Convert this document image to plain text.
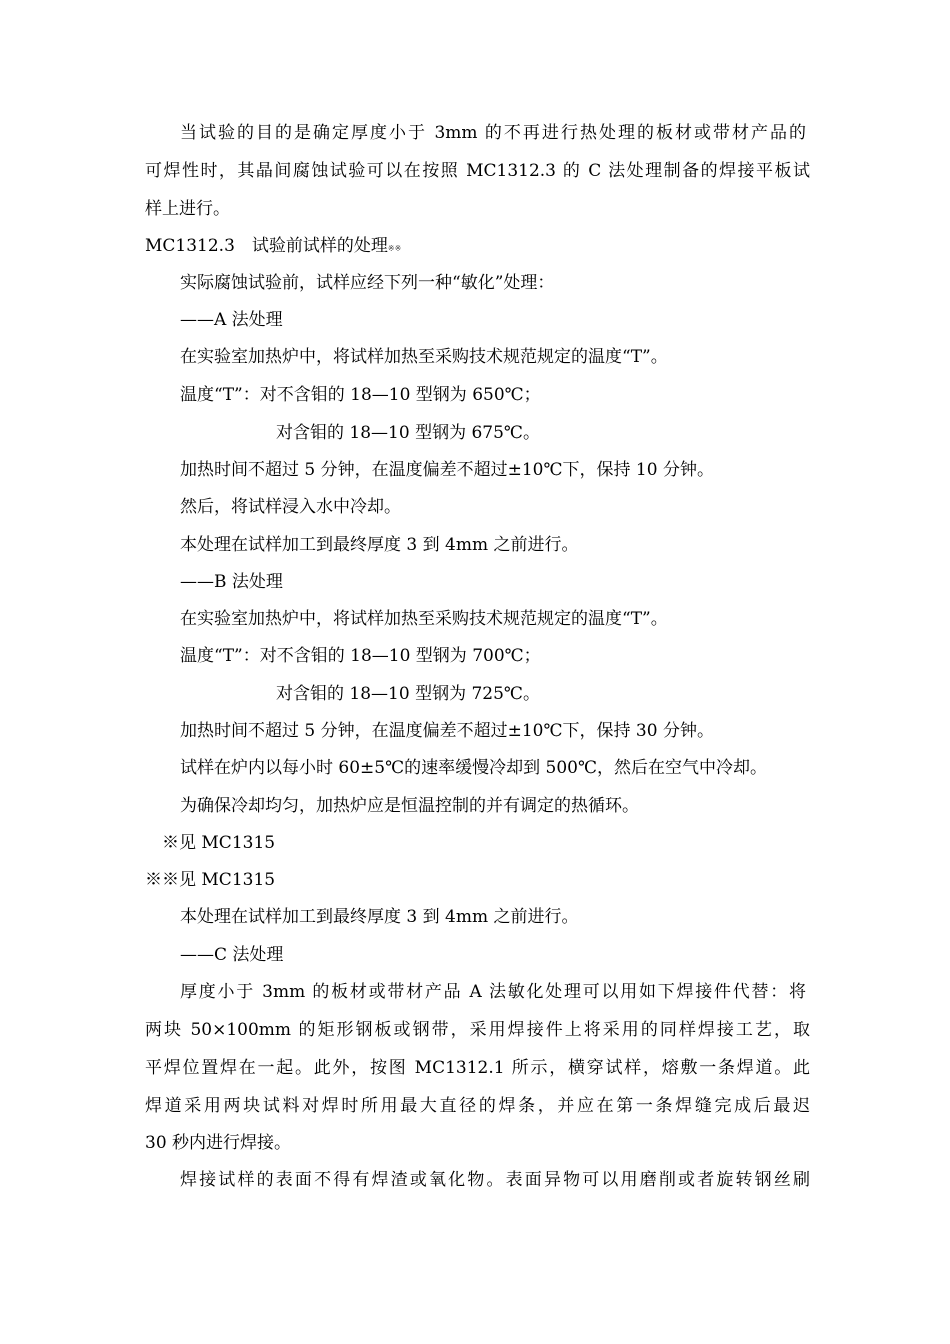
当试验的目的是确定厚度小于 3mm 的不再进行热处理的板材或带材产品的
可焊性时，其晶间腐蚀试验可以在按照 MC1312.3 的 C 法处理制备的焊接平板试
样上进行。
MC1312.3　试验前试样的处理※※
实际腐蚀试验前，试样应经下列一种“敏化”处理：
——A 法处理
在实验室加热炉中，将试样加热至采购技术规范规定的温度“T”。
温度“T”：对不含钼的 18—10 型钢为 650℃；
对含钼的 18—10 型钢为 675℃。
加热时间不超过 5 分钟，在温度偏差不超过±10℃下，保持 10 分钟。
然后，将试样浸入水中冷却。
本处理在试样加工到最终厚度 3 到 4mm 之前进行。
——B 法处理
在实验室加热炉中，将试样加热至采购技术规范规定的温度“T”。
温度“T”：对不含钼的 18—10 型钢为 700℃；
对含钼的 18—10 型钢为 725℃。
加热时间不超过 5 分钟，在温度偏差不超过±10℃下，保持 30 分钟。
试样在炉内以每小时 60±5℃的速率缓慢冷却到 500℃，然后在空气中冷却。
为确保冷却均匀，加热炉应是恒温控制的并有调定的热循环。
※见 MC1315
※※见 MC1315
本处理在试样加工到最终厚度 3 到 4mm 之前进行。
——C 法处理
厚度小于 3mm 的板材或带材产品 A 法敏化处理可以用如下焊接件代替：将
两块 50×100mm 的矩形钢板或钢带，采用焊接件上将采用的同样焊接工艺，取
平焊位置焊在一起。此外，按图 MC1312.1 所示，横穿试样，熔敷一条焊道。此
焊道采用两块试料对焊时所用最大直径的焊条，并应在第一条焊缝完成后最迟
30 秒内进行焊接。
焊接试样的表面不得有焊渣或氧化物。表面异物可以用磨削或者旋转钢丝刷
